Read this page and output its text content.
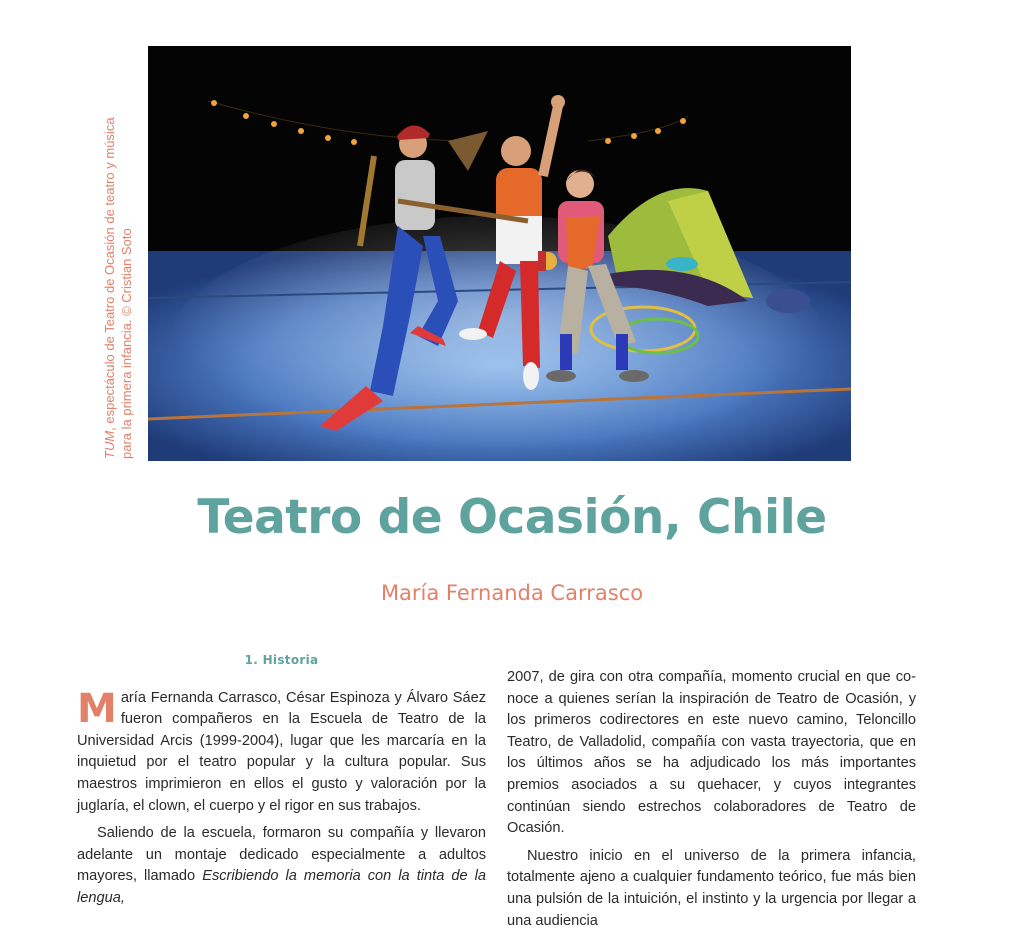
TUM, espectáculo de Teatro de Ocasión de teatro y música para la primera infancia. © Cristian Soto
Teatro de Ocasión, Chile
María Fernanda Carrasco
1. Historia

María Fernanda Carrasco, César Espinoza y Álvaro Sáez fueron compañeros en la Escuela de Teatro de la Universidad Arcis (1999-2004), lugar que les marcaría en la inquietud por el teatro popular y la cultura popular. Sus maestros imprimieron en ellos el gusto y valoración por la juglaría, el clown, el cuerpo y el rigor en sus trabajos.

Saliendo de la escuela, formaron su compañía y llevaron adelante un montaje dedicado especialmente a adultos mayores, llamado Escribiendo la memoria con la tinta de la lengua,

2007, de gira con otra compañía, momento crucial en que conoce a quienes serían la inspiración de Teatro de Ocasión, y los primeros codirectores en este nuevo camino, Teloncillo Teatro, de Valladolid, compañía con vasta trayectoria, que en los últimos años se ha adjudicado los más importantes premios asociados a su quehacer, y cuyos integrantes continúan siendo estrechos colaboradores de Teatro de Ocasión.

Nuestro inicio en el universo de la primera infancia, totalmente ajeno a cualquier fundamento teórico, fue más bien una pulsión de la intuición, el instinto y la urgencia por llegar a una audiencia
